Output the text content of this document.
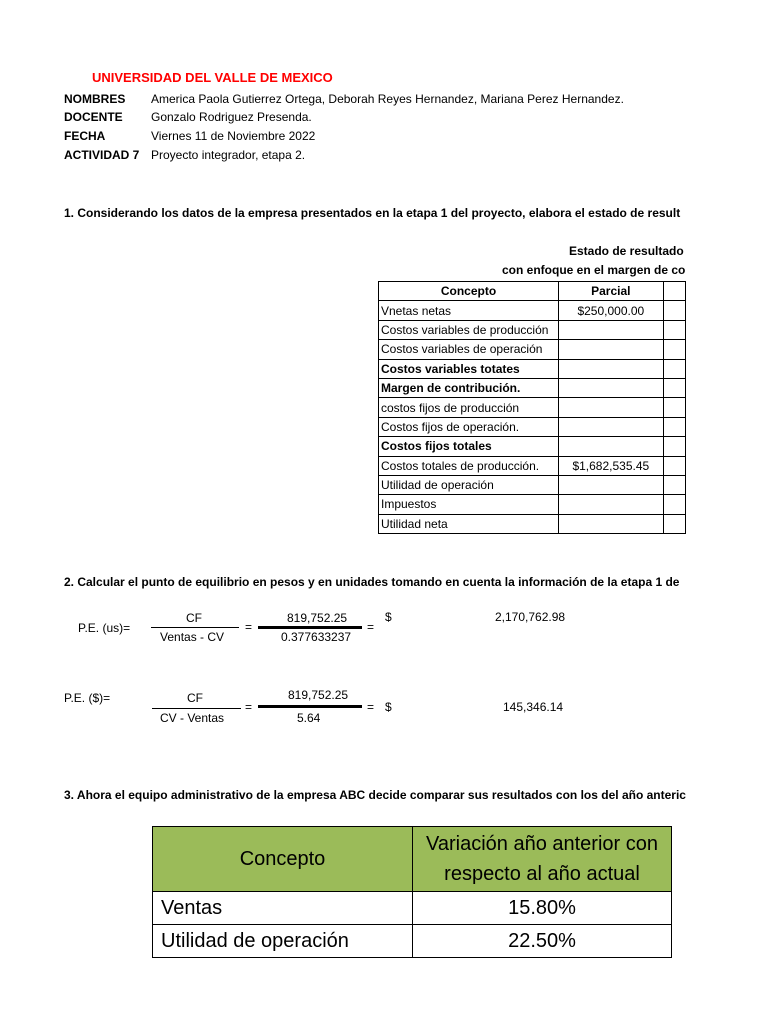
UNIVERSIDAD DEL VALLE DE MEXICO
NOMBRES America Paola Gutierrez Ortega, Deborah Reyes Hernandez, Mariana Perez Hernandez.
DOCENTE Gonzalo Rodriguez Presenda.
FECHA	Viernes 11 de Noviembre 2022
ACTIVIDAD 7 Proyecto integrador, etapa 2.
1. Considerando los datos de la empresa presentados en la etapa 1 del proyecto, elabora el estado de result
Estado de resultado
con enfoque en el margen de co
Concepto	Parcial	
Vnetas netas	$250,000.00	
Costos variables de producción		
Costos variables de operación		
Costos variables totates		
Margen de contribución.		
costos fijos de producción		
Costos fijos de operación.		
Costos fijos totales		
Costos totales de producción.	$1,682,535.45	
Utilidad de operación		
Impuestos		
Utilidad neta		
2. Calcular el punto de equilibrio en pesos y en unidades tomando en cuenta la información de la etapa 1 de
P.E. (us)=
CF
Ventas - CV
=
819,752.25
0.377633237
=
$	2,170,762.98
P.E. ($)=	CF
CV - Ventas
=
819,752.25
5.64
= $	145,346.14
3. Ahora el equipo administrativo de la empresa ABC decide comparar sus resultados con los del año anteric
Concepto	Variación año anterior con
respecto al año actual
Ventas	15.80%
Utilidad de operación	22.50%
